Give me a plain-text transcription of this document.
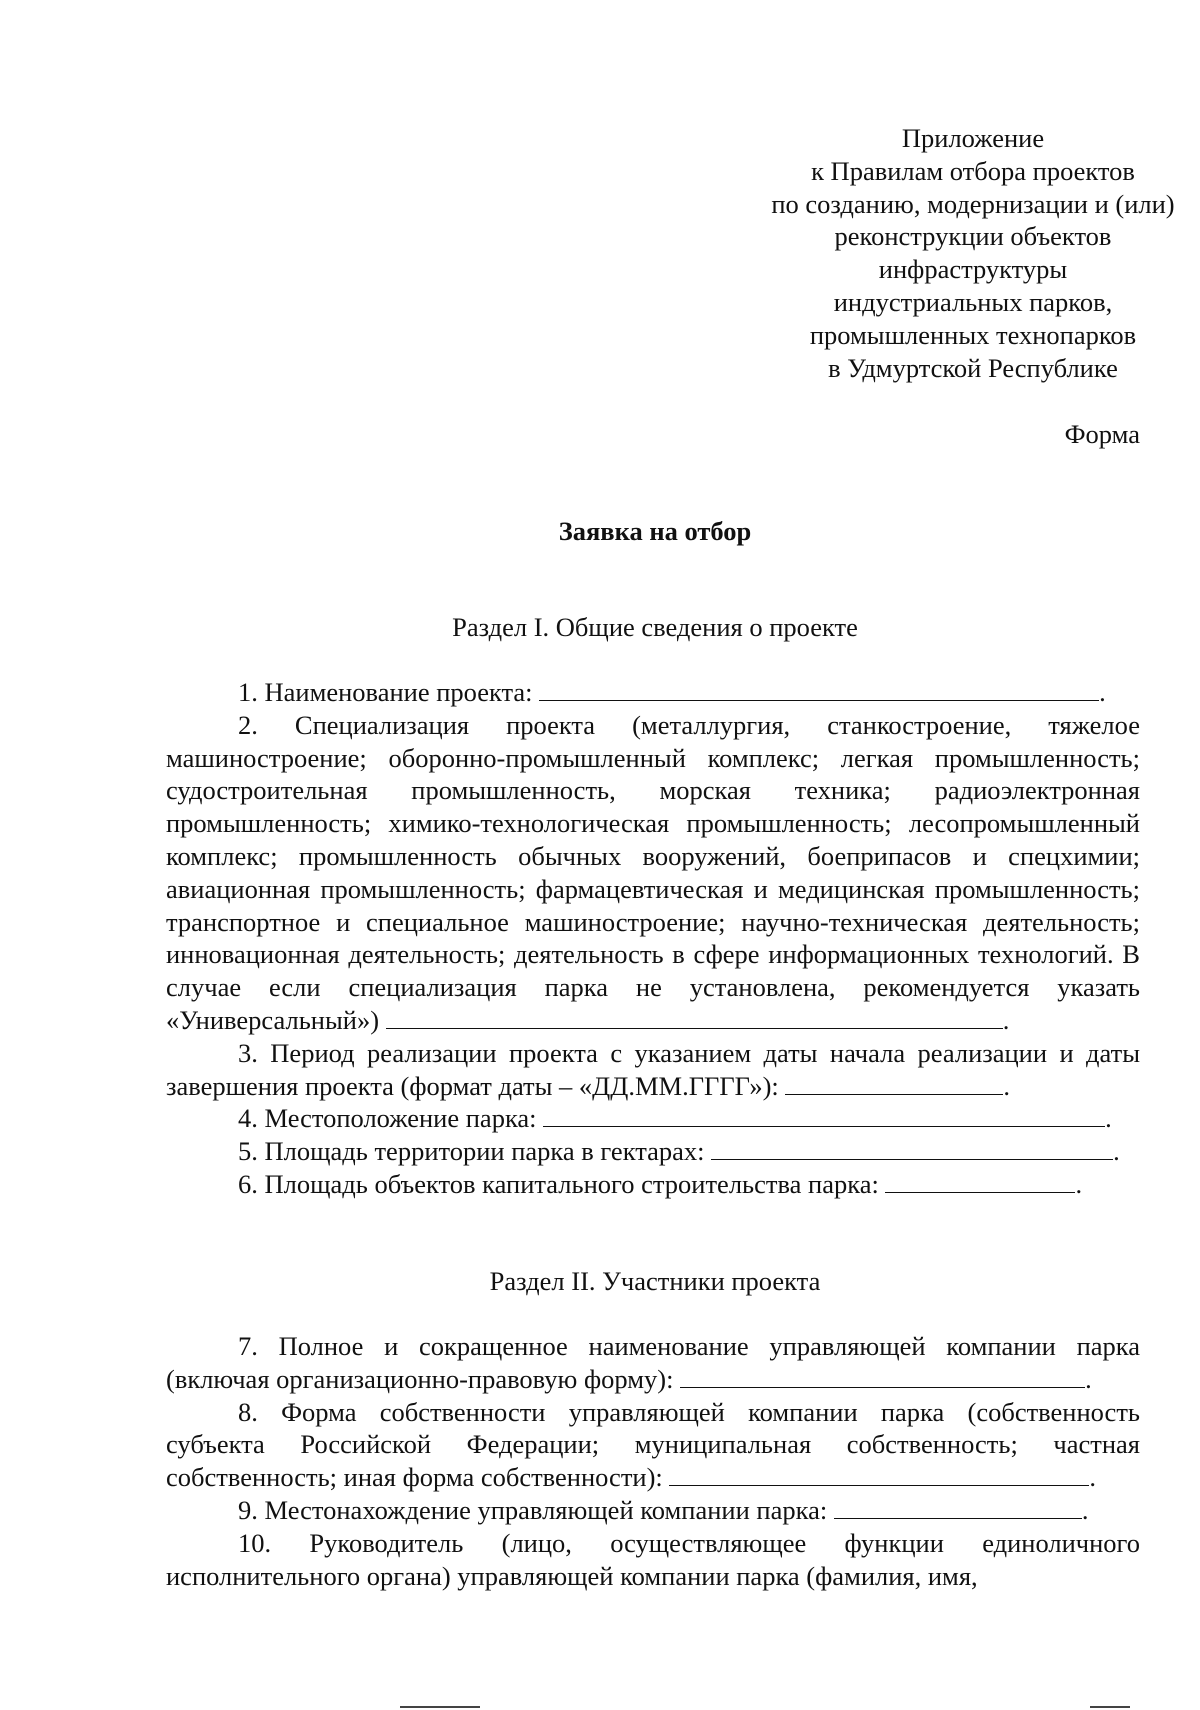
Приложение
к Правилам отбора проектов
по созданию, модернизации и (или)
реконструкции объектов
инфраструктуры
индустриальных парков,
промышленных технопарков
в Удмуртской Республике
Форма
Заявка на отбор
Раздел I. Общие сведения о проекте

1. Наименование проекта:	.

2. Специализация проекта (металлургия, станкостроение, тяжелое машиностроение; оборонно-промышленный комплекс; легкая промышленность; судостроительная промышленность, морская техника; радиоэлектронная промышленность; химико-технологическая промышленность; лесопромышленный комплекс; промышленность обычных вооружений, боеприпасов и спецхимии; авиационная промышленность; фармацевтическая и медицинская промышленность; транспортное и специальное машиностроение; научно-техническая деятельность; инновационная деятельность; деятельность в сфере информационных технологий. В случае если специализация парка не установлена, рекомендуется указать «Универсальный»)	.

3. Период реализации проекта с указанием даты начала реализации и даты завершения проекта (формат даты – «ДД.ММ.ГГГГ»):	.

4. Местоположение парка:	.

5. Площадь территории парка в гектарах:	.

6. Площадь объектов капитального строительства парка:	.

Раздел II. Участники проекта

7. Полное и сокращенное наименование управляющей компании парка (включая организационно-правовую форму):	.

8. Форма собственности управляющей компании парка (собственность субъекта Российской Федерации; муниципальная собственность; частная собственность; иная форма собственности):	.

9. Местонахождение управляющей компании парка:	.

10. Руководитель (лицо, осуществляющее функции единоличного исполнительного органа) управляющей компании парка (фамилия, имя,
